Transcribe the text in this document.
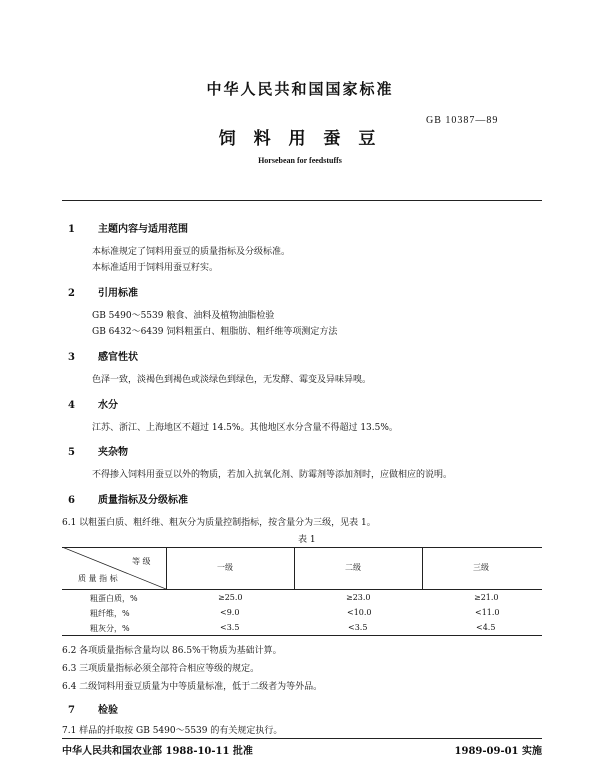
中华人民共和国国家标准
GB 10387—89
饲 料 用 蚕 豆
Horsebean for feedstuffs
1 主题内容与适用范围
本标准规定了饲料用蚕豆的质量指标及分级标准。
本标准适用于饲料用蚕豆籽实。
2 引用标准
GB 5490～5539 粮食、油料及植物油脂检验
GB 6432～6439 饲料粗蛋白、粗脂肪、粗纤维等项测定方法
3 感官性状
色泽一致，淡褐色到褐色或淡绿色到绿色，无发酵、霉变及异味异嗅。
4 水分
江苏、浙江、上海地区不超过 14.5%。其他地区水分含量不得超过 13.5%。
5 夹杂物
不得掺入饲料用蚕豆以外的物质，若加入抗氧化剂、防霉剂等添加剂时，应做相应的说明。
6 质量指标及分级标准
6.1 以粗蛋白质、粗纤维、粗灰分为质量控制指标，按含量分为三级，见表 1。
表 1
等 级
质 量 指 标
一级	二级	三级
粗蛋白质，%	≥25.0	≥23.0	≥21.0
粗纤维，%	<9.0	<10.0	<11.0
粗灰分，%	<3.5	<3.5	<4.5
6.2 各项质量指标含量均以 86.5%干物质为基础计算。
6.3 三项质量指标必须全部符合相应等级的规定。
6.4 二级饲料用蚕豆质量为中等质量标准，低于二级者为等外品。
7 检验
7.1 样品的扦取按 GB 5490～5539 的有关规定执行。
中华人民共和国农业部 1988-10-11 批准	1989-09-01 实施
